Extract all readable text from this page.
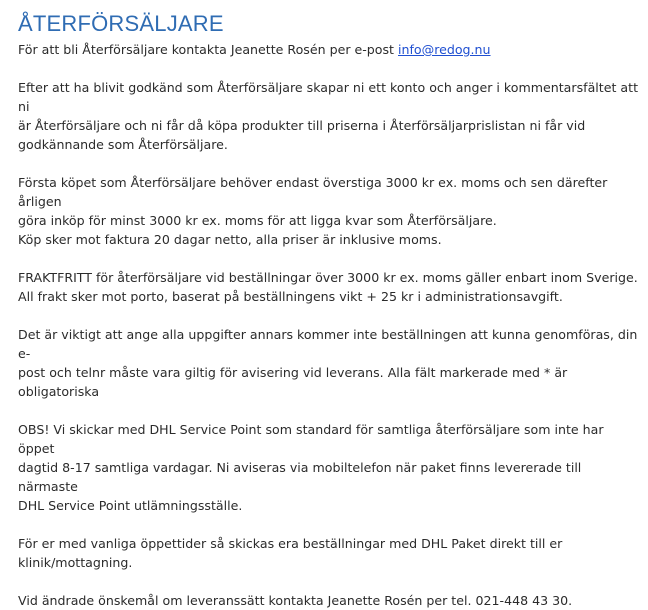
ÅTERFÖRSÄLJARE

För att bli Återförsäljare kontakta Jeanette Rosén per e-post info@redog.nu

Efter att ha blivit godkänd som Återförsäljare skapar ni ett konto och anger i kommentarsfältet att ni
är Återförsäljare och ni får då köpa produkter till priserna i Återförsäljarprislistan ni får vid
godkännande som Återförsäljare.

Första köpet som Återförsäljare behöver endast överstiga 3000 kr ex. moms och sen därefter årligen
göra inköp för minst 3000 kr ex. moms för att ligga kvar som Återförsäljare.
Köp sker mot faktura 20 dagar netto, alla priser är inklusive moms.

FRAKTFRITT för återförsäljare vid beställningar över 3000 kr ex. moms gäller enbart inom Sverige.
All frakt sker mot porto, baserat på beställningens vikt + 25 kr i administrationsavgift.

Det är viktigt att ange alla uppgifter annars kommer inte beställningen att kunna genomföras, din e-
post och telnr måste vara giltig för avisering vid leverans. Alla fält markerade med * är obligatoriska

OBS! Vi skickar med DHL Service Point som standard för samtliga återförsäljare som inte har öppet
dagtid 8-17 samtliga vardagar. Ni aviseras via mobiltelefon när paket finns levererade till närmaste
DHL Service Point utlämningsställe.

För er med vanliga öppettider så skickas era beställningar med DHL Paket direkt till er
klinik/mottagning.

Vid ändrade önskemål om leveranssätt kontakta Jeanette Rosén per tel. 021-448 43 30.
